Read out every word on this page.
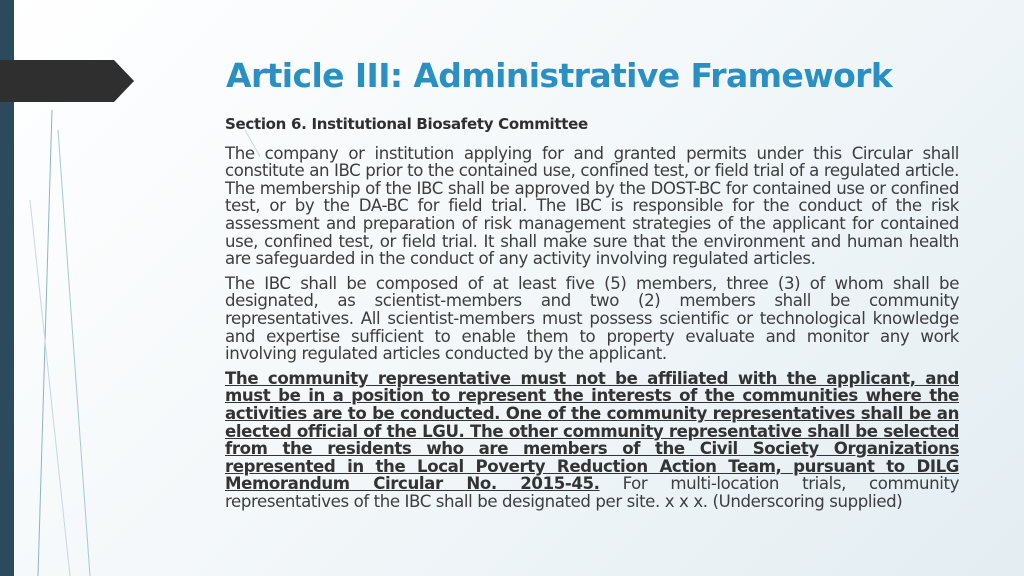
Article III: Administrative Framework
Section 6. Institutional Biosafety Committee

The company or institution applying for and granted permits under this Circular shall constitute an IBC prior to the contained use, confined test, or field trial of a regulated article. The membership of the IBC shall be approved by the DOST-BC for contained use or confined test, or by the DA-BC for field trial. The IBC is responsible for the conduct of the risk assessment and preparation of risk management strategies of the applicant for contained use, confined test, or field trial. It shall make sure that the environment and human health are safeguarded in the conduct of any activity involving regulated articles.

The IBC shall be composed of at least five (5) members, three (3) of whom shall be designated, as scientist-members and two (2) members shall be community representatives. All scientist-members must possess scientific or technological knowledge and expertise sufficient to enable them to property evaluate and monitor any work involving regulated articles conducted by the applicant.

The community representative must not be affiliated with the applicant, and must be in a position to represent the interests of the communities where the activities are to be conducted. One of the community representatives shall be an elected official of the LGU. The other community representative shall be selected from the residents who are members of the Civil Society Organizations represented in the Local Poverty Reduction Action Team, pursuant to DILG Memorandum Circular No. 2015-45. For multi-location trials, community representatives of the IBC shall be designated per site. x x x. (Underscoring supplied)
